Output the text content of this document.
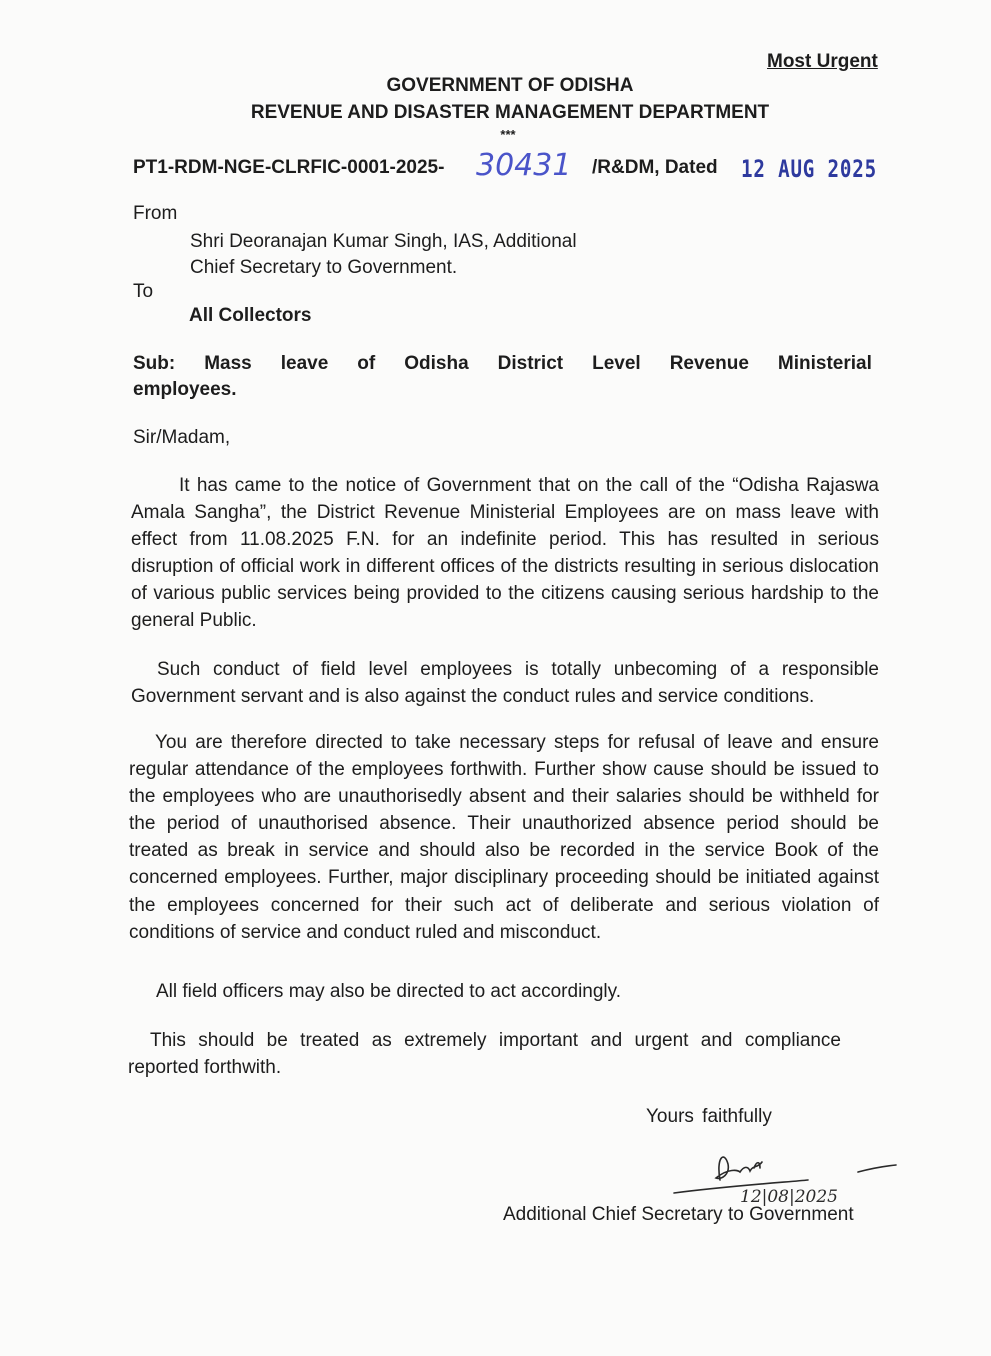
Most Urgent
GOVERNMENT OF ODISHA
REVENUE AND DISASTER MANAGEMENT DEPARTMENT
***
PT1-RDM-NGE-CLRFIC-0001-2025- 30431 /R&DM, Dated 12 AUG 2025
From
Shri Deoranajan Kumar Singh, IAS, Additional
Chief Secretary to Government.
To
All Collectors
Sub: Mass leave of Odisha District Level Revenue Ministerial
employees.
Sir/Madam,

It has came to the notice of Government that on the call of the “Odisha Rajaswa Amala Sangha”, the District Revenue Ministerial Employees are on mass leave with effect from 11.08.2025 F.N. for an indefinite period. This has resulted in serious disruption of official work in different offices of the districts resulting in serious dislocation of various public services being provided to the citizens causing serious hardship to the general Public.

Such conduct of field level employees is totally unbecoming of a responsible Government servant and is also against the conduct rules and service conditions.

You are therefore directed to take necessary steps for refusal of leave and ensure regular attendance of the employees forthwith. Further show cause should be issued to the employees who are unauthorisedly absent and their salaries should be withheld for the period of unauthorised absence. Their unauthorized absence period should be treated as break in service and should also be recorded in the service Book of the concerned employees. Further, major disciplinary proceeding should be initiated against the employees concerned for their such act of deliberate and serious violation of conditions of service and conduct ruled and misconduct.

All field officers may also be directed to act accordingly.

This should be treated as extremely important and urgent and compliance reported forthwith.

Yours faithfully
12|08|2025
Additional Chief Secretary to Government
